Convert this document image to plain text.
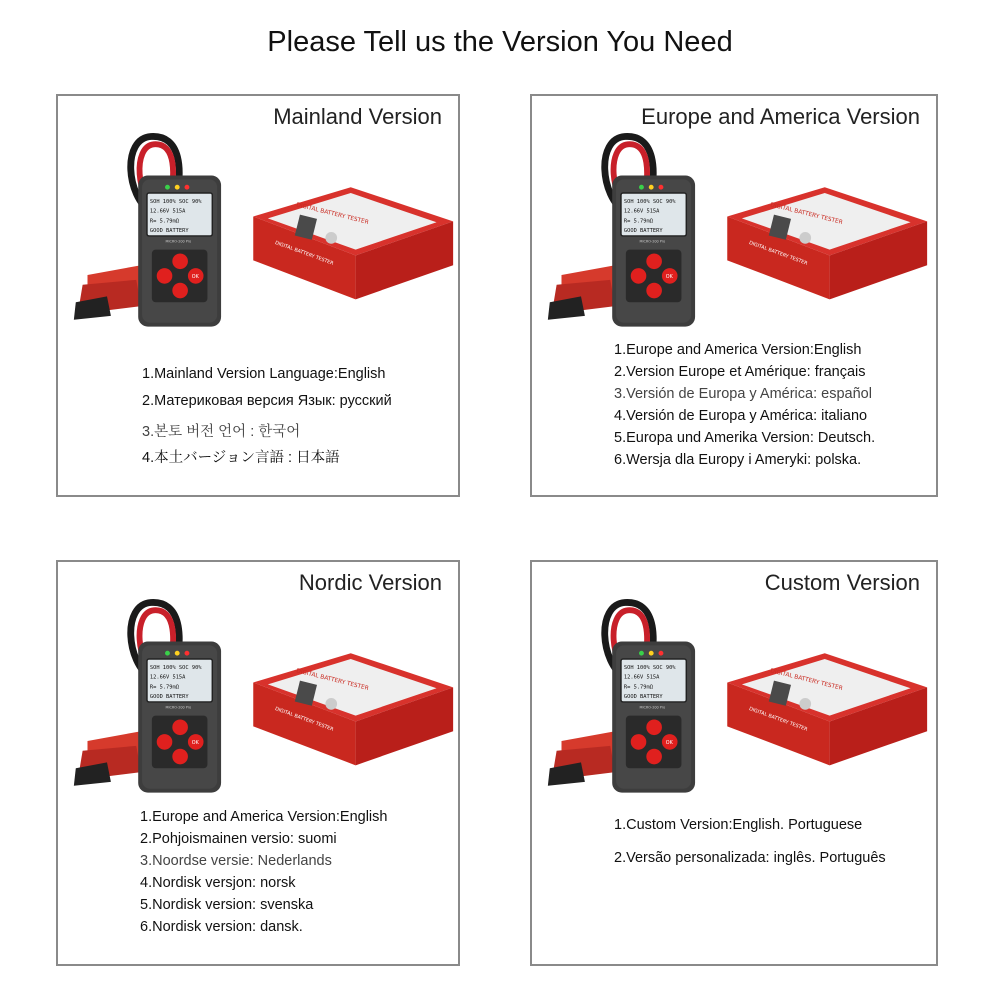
Please Tell us the Version You Need
Mainland Version
1.Mainland Version Language:English
2.Материковая версия Язык: русский
3.본토 버전 언어 : 한국어
4.本土バージョン言語 : 日本語
Europe and America Version
1.Europe and America Version:English
2.Version Europe et Amérique: français
3.Versión de Europa y América: español
4.Versión de Europa y América: italiano
5.Europa und Amerika Version: Deutsch.
6.Wersja dla Europy i Ameryki: polska.
Nordic Version
1.Europe and America Version:English
2.Pohjoismainen versio: suomi
3.Noordse versie: Nederlands
4.Nordisk versjon: norsk
5.Nordisk version: svenska
6.Nordisk version: dansk.
Custom Version
1.Custom Version:English. Portuguese
2.Versão personalizada: inglês. Português
